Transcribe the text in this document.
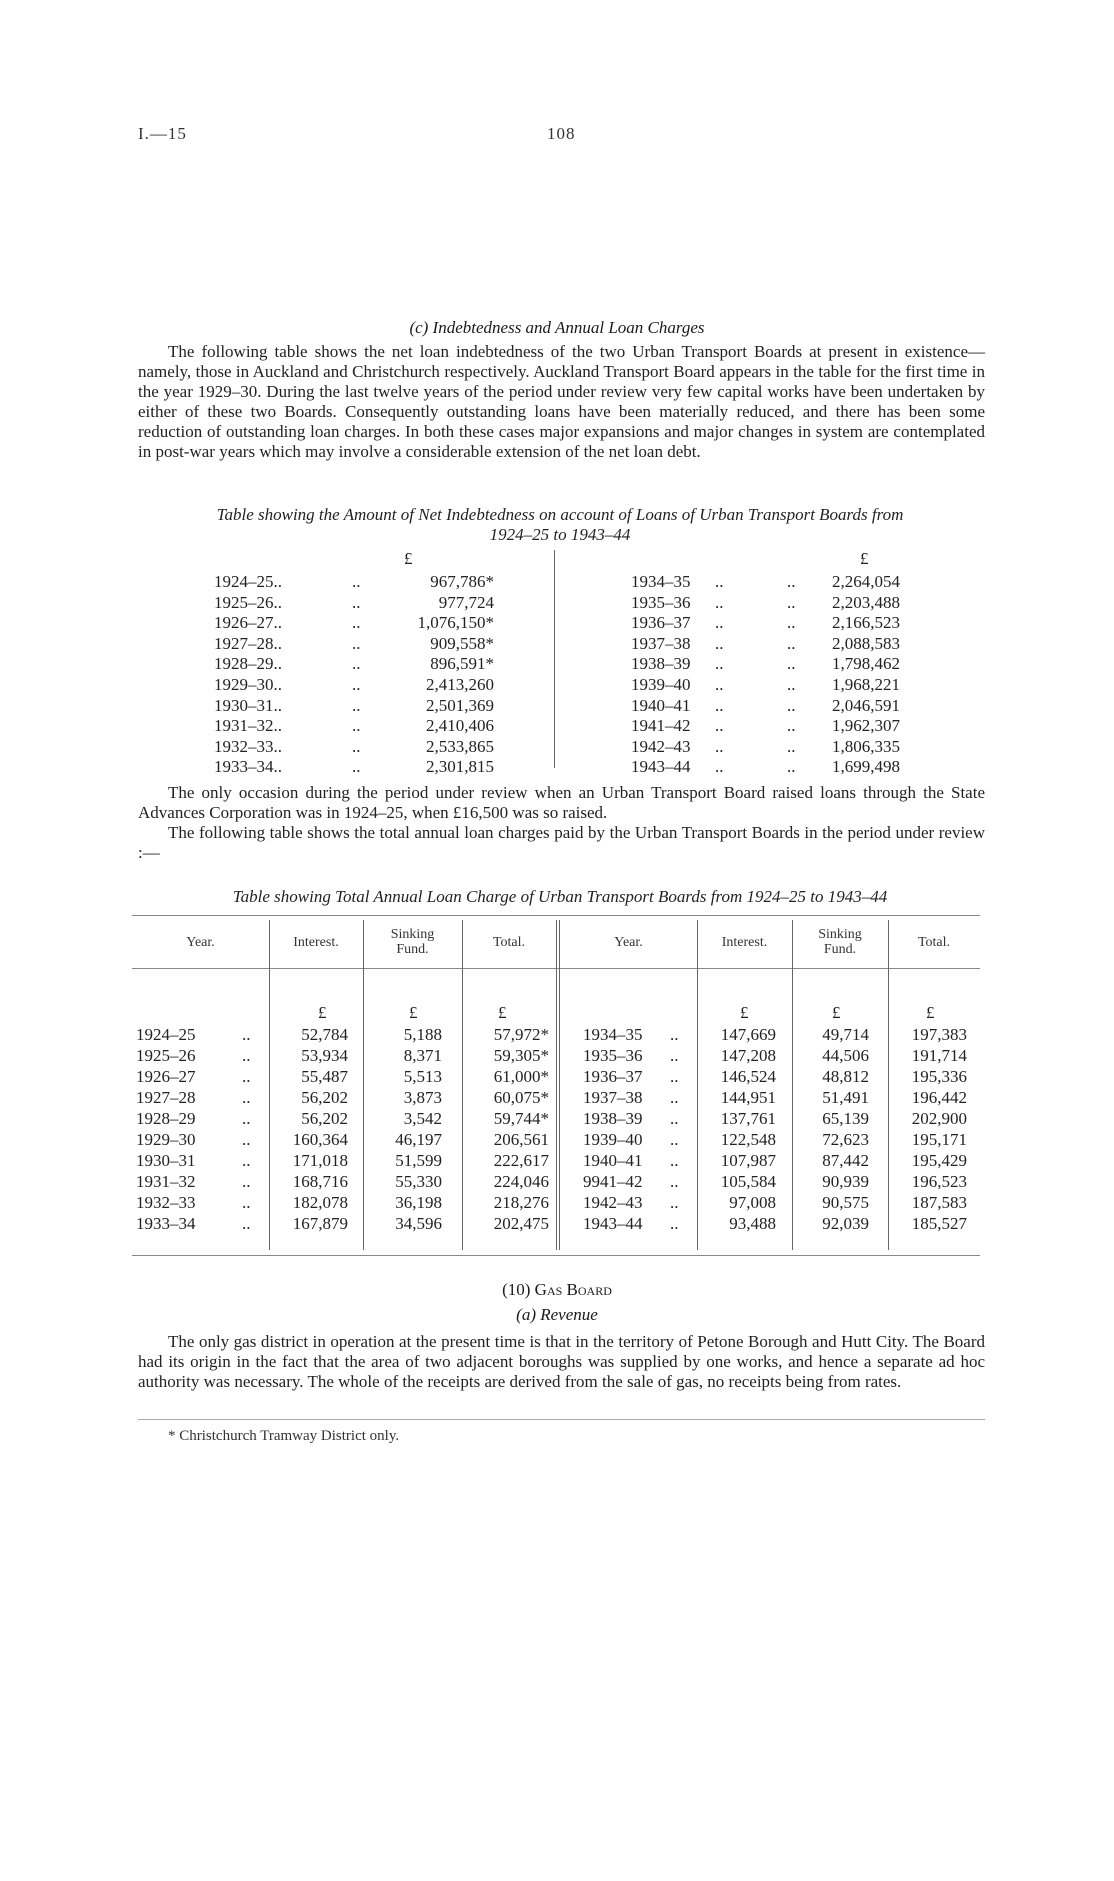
I.—15	108
(c) Indebtedness and Annual Loan Charges

The following table shows the net loan indebtedness of the two Urban Transport Boards at present in existence—namely, those in Auckland and Christchurch respectively. Auckland Transport Board appears in the table for the first time in the year 1929–30. During the last twelve years of the period under review very few capital works have been undertaken by either of these two Boards. Consequently outstanding loans have been materially reduced, and there has been some reduction of outstanding loan charges. In both these cases major expansions and major changes in system are contemplated in post-war years which may involve a considerable extension of the net loan debt.

Table showing the Amount of Net Indebtedness on account of Loans of Urban Transport Boards from
1924–25 to 1943–44
£	£
1924–25..	..	967,786*
1925–26..	..	977,724
1926–27..	..	1,076,150*
1927–28..	..	909,558*
1928–29..	..	896,591*
1929–30..	..	2,413,260
1930–31..	..	2,501,369
1931–32..	..	2,410,406
1932–33..	..	2,533,865
1933–34..	..	2,301,815
1934–35 ..	..	2,264,054
1935–36 ..	..	2,203,488
1936–37 ..	..	2,166,523
1937–38 ..	..	2,088,583
1938–39 ..	..	1,798,462
1939–40 ..	..	1,968,221
1940–41 ..	..	2,046,591
1941–42 ..	..	1,962,307
1942–43 ..	..	1,806,335
1943–44 ..	..	1,699,498

The only occasion during the period under review when an Urban Transport Board raised loans through the State Advances Corporation was in 1924–25, when £16,500 was so raised.

The following table shows the total annual loan charges paid by the Urban Transport Boards in the period under review :—

Table showing Total Annual Loan Charge of Urban Transport Boards from 1924–25 to 1943–44
Year.	Interest.
Sinking
Fund.	Total.	Year.	Interest.
Sinking
Fund.	Total.
£	£	£	£	£	£
1924–25	..	52,784	5,188	57,972* 1934–35 ..	147,669	49,714	197,383
1925–26	..	53,934	8,371	59,305* 1935–36 ..	147,208	44,506	191,714
1926–27	..	55,487	5,513	61,000* 1936–37 ..	146,524	48,812	195,336
1927–28	..	56,202	3,873	60,075* 1937–38 ..	144,951	51,491	196,442
1928–29	..	56,202	3,542	59,744* 1938–39 ..	137,761	65,139	202,900
1929–30	..	160,364	46,197	206,561 1939–40 ..	122,548	72,623	195,171
1930–31	..	171,018	51,599	222,617 1940–41 ..	107,987	87,442	195,429
1931–32	..	168,716	55,330	224,046 9941–42 ..	105,584	90,939	196,523
1932–33	..	182,078	36,198	218,276 1942–43 ..	97,008	90,575	187,583
1933–34	..	167,879	34,596	202,475 1943–44 ..	93,488	92,039	185,527
(10) Gas Board
(a) Revenue

The only gas district in operation at the present time is that in the territory of Petone Borough and Hutt City. The Board had its origin in the fact that the area of two adjacent boroughs was supplied by one works, and hence a separate ad hoc authority was necessary. The whole of the receipts are derived from the sale of gas, no receipts being from rates.

* Christchurch Tramway District only.
